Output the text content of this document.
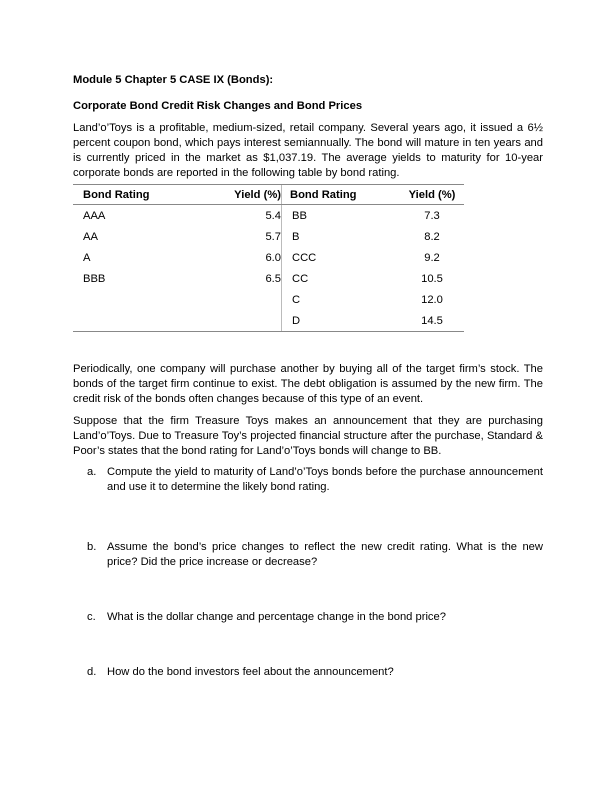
Module 5 Chapter 5 CASE IX (Bonds):
Corporate Bond Credit Risk Changes and Bond Prices

Land’o’Toys is a profitable, medium-sized, retail company. Several years ago, it issued a 6½ percent coupon bond, which pays interest semiannually. The bond will mature in ten years and is currently priced in the market as $1,037.19. The average yields to maturity for 10-year corporate bonds are reported in the following table by bond rating.

Bond Rating	Yield (%)	Bond Rating	Yield (%)
AAA	5.4	BB	7.3
AA	5.7	B	8.2
A	6.0	CCC	9.2
BBB	6.5	CC	10.5
		C	12.0
		D	14.5

Periodically, one company will purchase another by buying all of the target firm’s stock. The bonds of the target firm continue to exist. The debt obligation is assumed by the new firm. The credit risk of the bonds often changes because of this type of an event.

Suppose that the firm Treasure Toys makes an announcement that they are purchasing Land’o’Toys. Due to Treasure Toy’s projected financial structure after the purchase, Standard & Poor’s states that the bond rating for Land’o’Toys bonds will change to BB.

a. Compute the yield to maturity of Land’o’Toys bonds before the purchase announcement and use it to determine the likely bond rating.
b. Assume the bond’s price changes to reflect the new credit rating. What is the new price? Did the price increase or decrease?
c.	What is the dollar change and percentage change in the bond price?
d. How do the bond investors feel about the announcement?
